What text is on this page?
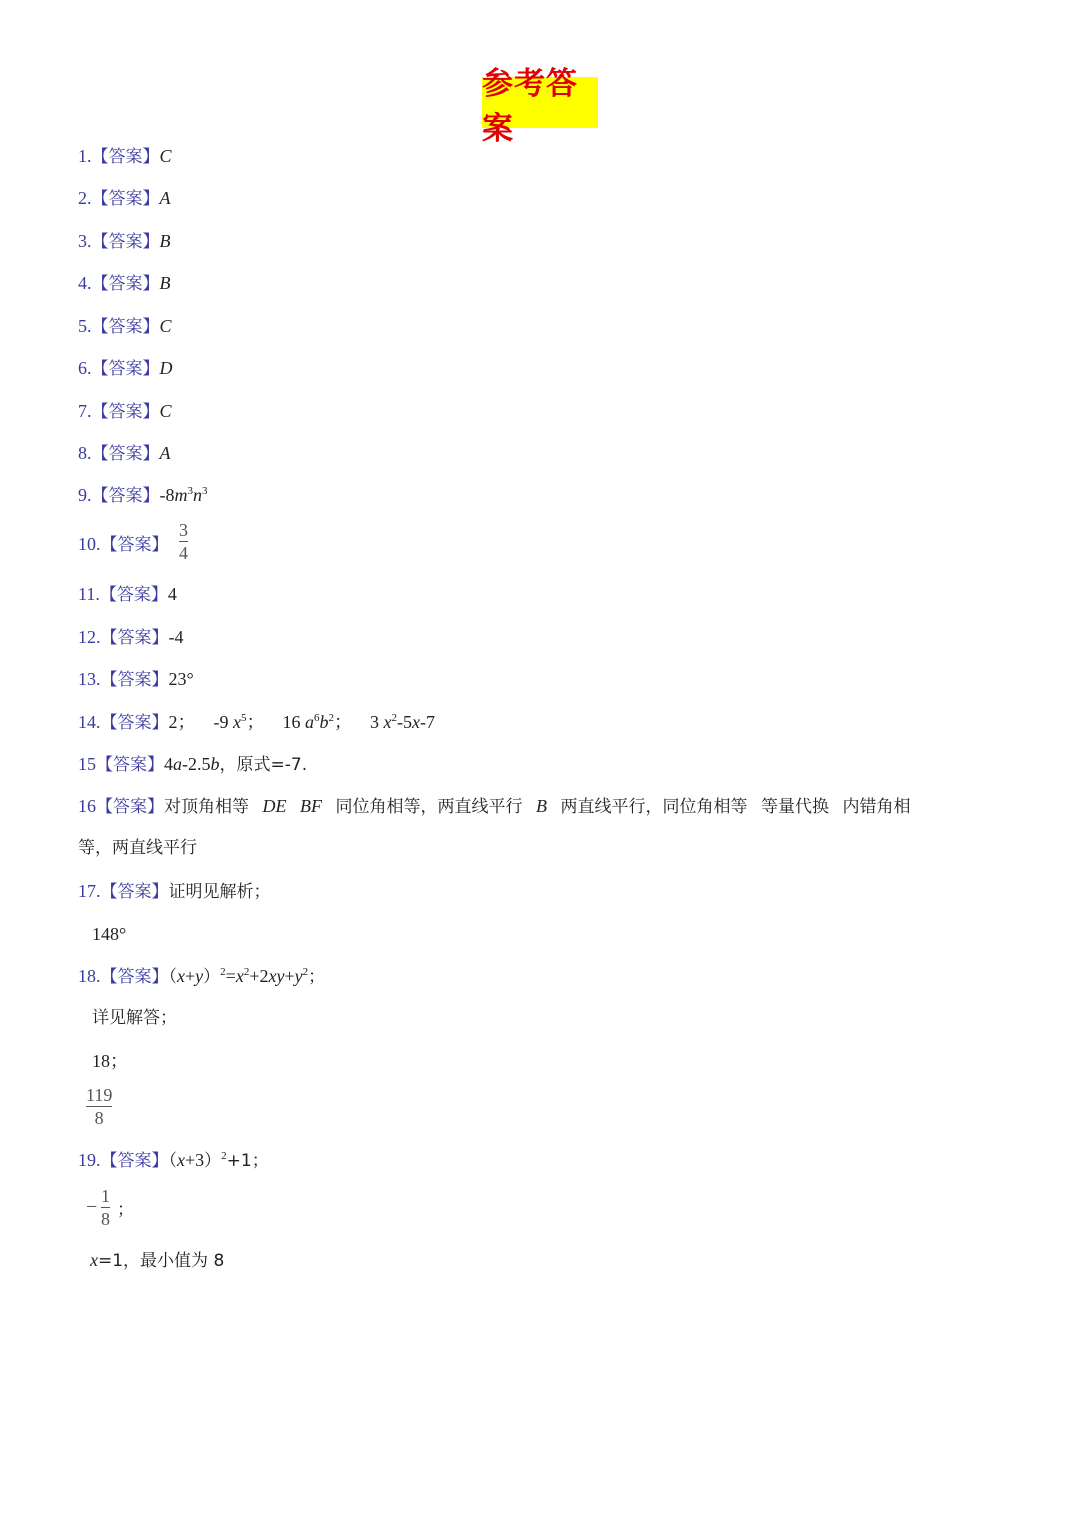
参考答案
1.【答案】C
2.【答案】A
3.【答案】B
4.【答案】B
5.【答案】C
6.【答案】D
7.【答案】C
8.【答案】A
9.【答案】$-8m^3n^3$
10.【答案】
3
4
11.【答案】4
12.【答案】-4
13.【答案】23°
14.【答案】2； -9 $x^5$； 16 $a^6b^2$； 3 $x^2-5x-7$
15【答案】4a-2.5b，原式=-7.
16【答案】对顶角相等 DE BF 同位角相等，两直线平行 B 两直线平行，同位角相等 等量代换 内错角相
等，两直线平行
17.【答案】证明见解析；
148°
18.【答案】$(x+y)^2=x^2+2xy+y^2$；
详见解答；
18；
119
8
19.【答案】$(x+3)^2+1$；
− 1
8 ；
x=1，最小值为 8
